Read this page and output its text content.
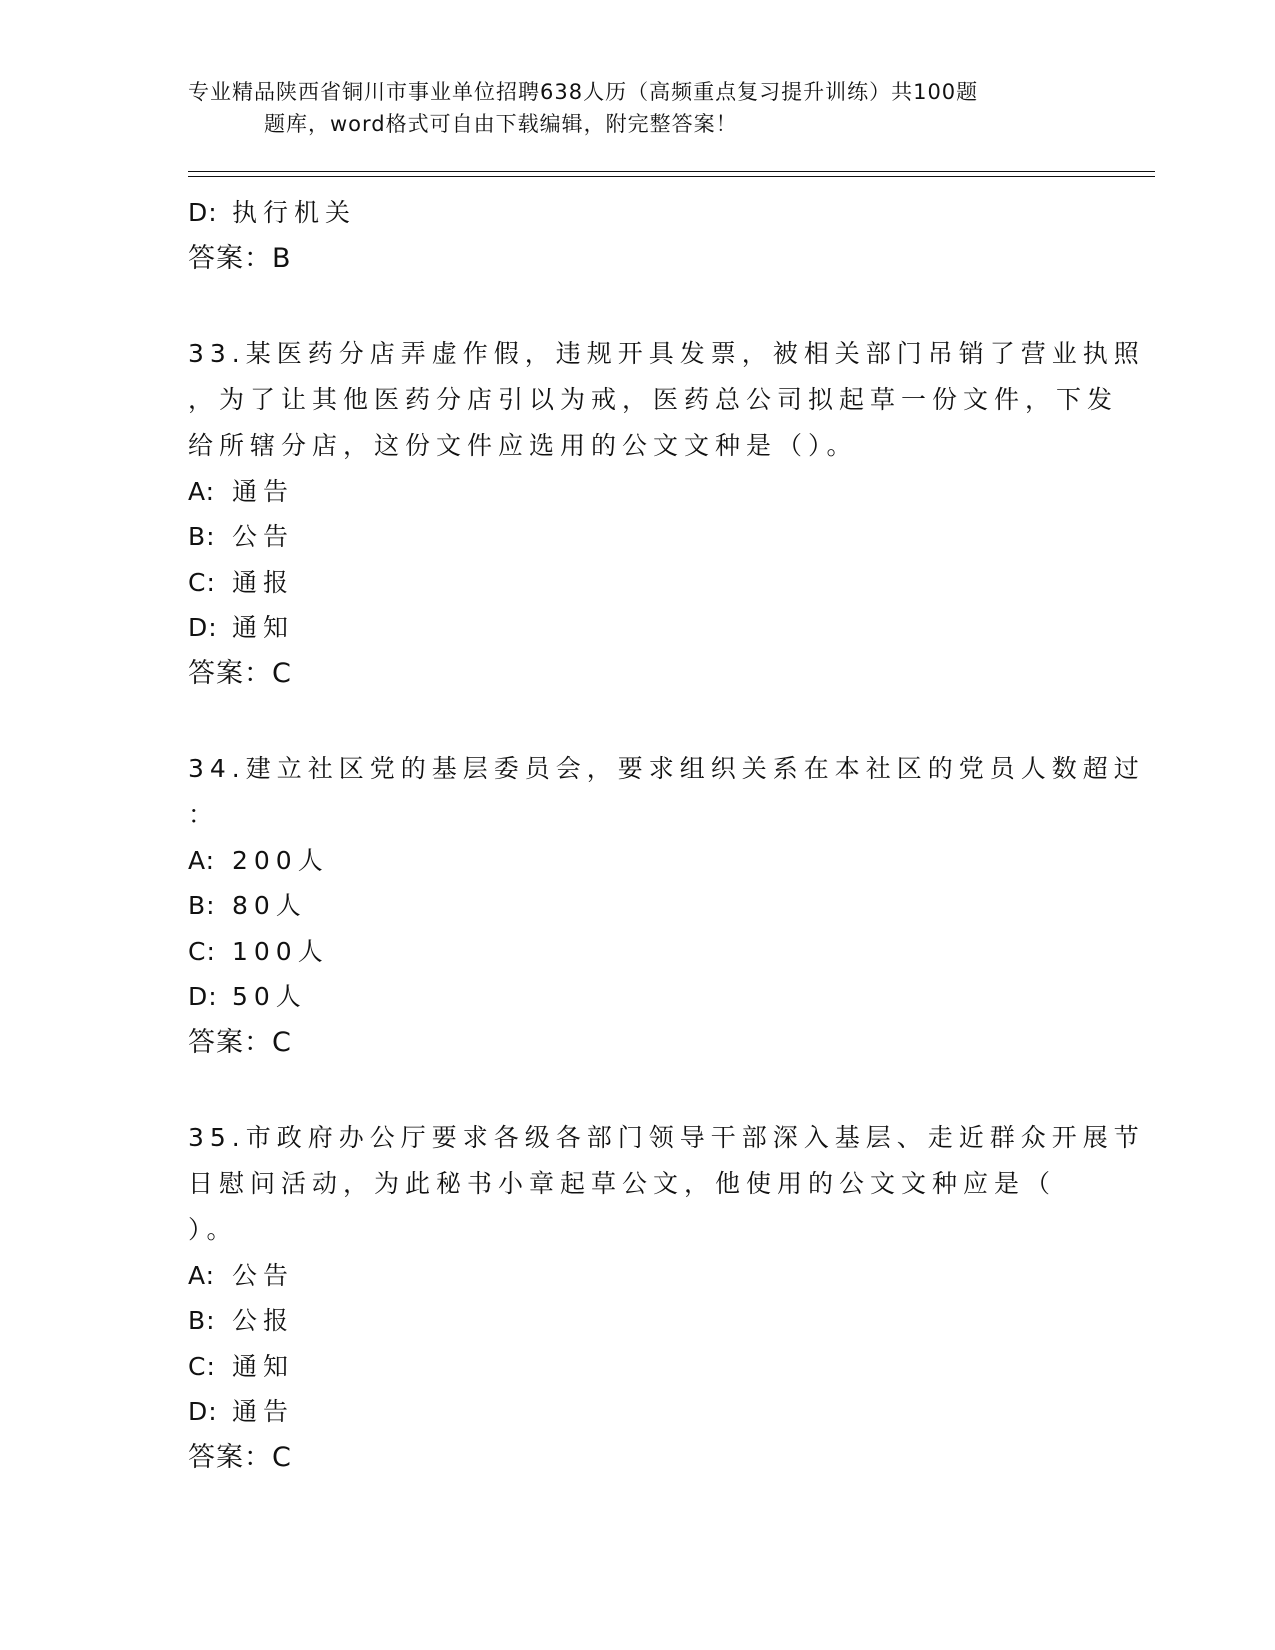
专业精品陕西省铜川市事业单位招聘638人历（高频重点复习提升训练）共100题
题库，word格式可自由下载编辑，附完整答案！

D: 执行机关

答案：B

33.某医药分店弄虚作假，违规开具发票，被相关部门吊销了营业执照

，为了让其他医药分店引以为戒，医药总公司拟起草一份文件，下发

给所辖分店，这份文件应选用的公文文种是（）。

A: 通告

B: 公告

C: 通报

D: 通知

答案：C

34.建立社区党的基层委员会，要求组织关系在本社区的党员人数超过

：

A: 200人

B: 80人

C: 100人

D: 50人

答案：C

35.市政府办公厅要求各级各部门领导干部深入基层、走近群众开展节

日慰问活动，为此秘书小章起草公文，他使用的公文文种应是（

）。

A: 公告

B: 公报

C: 通知

D: 通告

答案：C
